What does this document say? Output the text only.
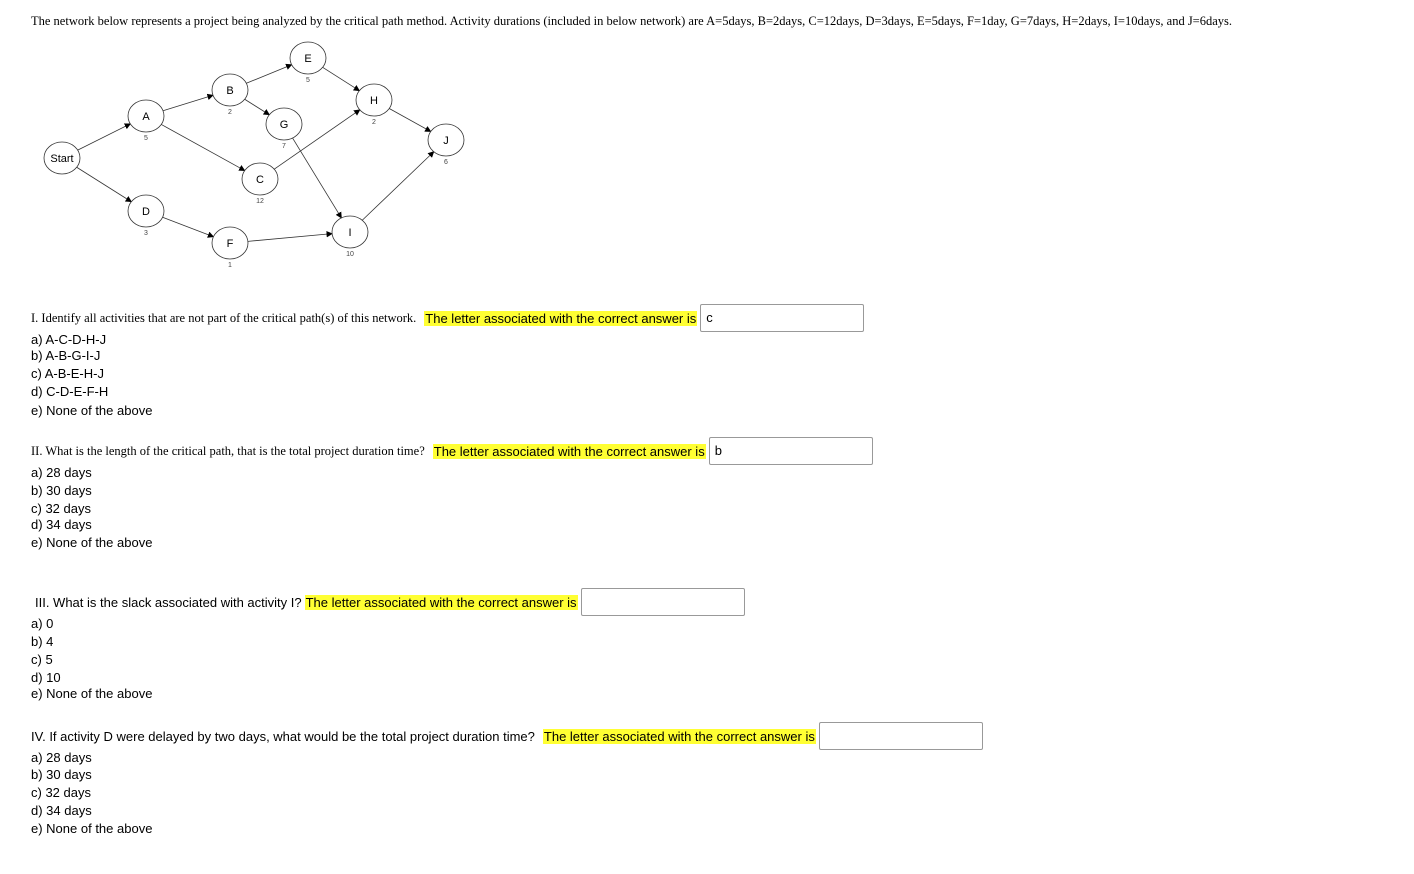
The network below represents a project being analyzed by the critical path method. Activity durations (included in below network) are A=5days, B=2days, C=12days, D=3days, E=5days, F=1day, G=7days, H=2days, I=10days, and J=6days.
Start
A
5
B
2
C
12
D
3
E
5
F
1
G
7
H
2
I
10
J
6
I. Identify all activities that are not part of the critical path(s) of this network. The letter associated with the correct answer is c
a) A-C-D-H-J
b) A-B-G-I-J
c) A-B-E-H-J
d) C-D-E-F-H
e) None of the above
II. What is the length of the critical path, that is the total project duration time? The letter associated with the correct answer is b
a) 28 days
b) 30 days
c) 32 days
d) 34 days
e) None of the above
III. What is the slack associated with activity I? The letter associated with the correct answer is
a) 0
b) 4
c) 5
d) 10
e) None of the above
IV. If activity D were delayed by two days, what would be the total project duration time? The letter associated with the correct answer is
a) 28 days
b) 30 days
c) 32 days
d) 34 days
e) None of the above
